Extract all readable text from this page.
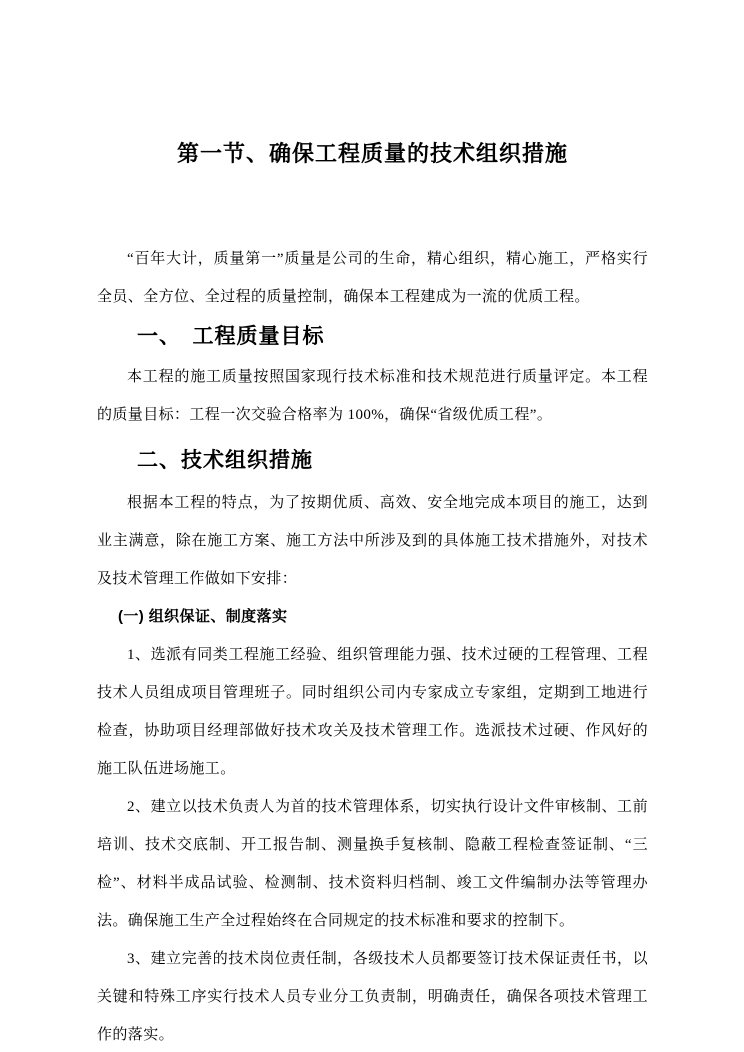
第一节、确保工程质量的技术组织措施

“百年大计，质量第一”质量是公司的生命，精心组织，精心施工，严格实行全员、全方位、全过程的质量控制，确保本工程建成为一流的优质工程。

一、　工程质量目标

本工程的施工质量按照国家现行技术标准和技术规范进行质量评定。本工程的质量目标：工程一次交验合格率为 100%，确保“省级优质工程”。

二、技术组织措施

根据本工程的特点，为了按期优质、高效、安全地完成本项目的施工，达到业主满意，除在施工方案、施工方法中所涉及到的具体施工技术措施外，对技术及技术管理工作做如下安排：

(一) 组织保证、制度落实

1、选派有同类工程施工经验、组织管理能力强、技术过硬的工程管理、工程技术人员组成项目管理班子。同时组织公司内专家成立专家组，定期到工地进行检查，协助项目经理部做好技术攻关及技术管理工作。选派技术过硬、作风好的施工队伍进场施工。

2、建立以技术负责人为首的技术管理体系，切实执行设计文件审核制、工前培训、技术交底制、开工报告制、测量换手复核制、隐蔽工程检查签证制、“三检”、材料半成品试验、检测制、技术资料归档制、竣工文件编制办法等管理办法。确保施工生产全过程始终在合同规定的技术标准和要求的控制下。

3、建立完善的技术岗位责任制，各级技术人员都要签订技术保证责任书，以关键和特殊工序实行技术人员专业分工负责制，明确责任，确保各项技术管理工作的落实。
